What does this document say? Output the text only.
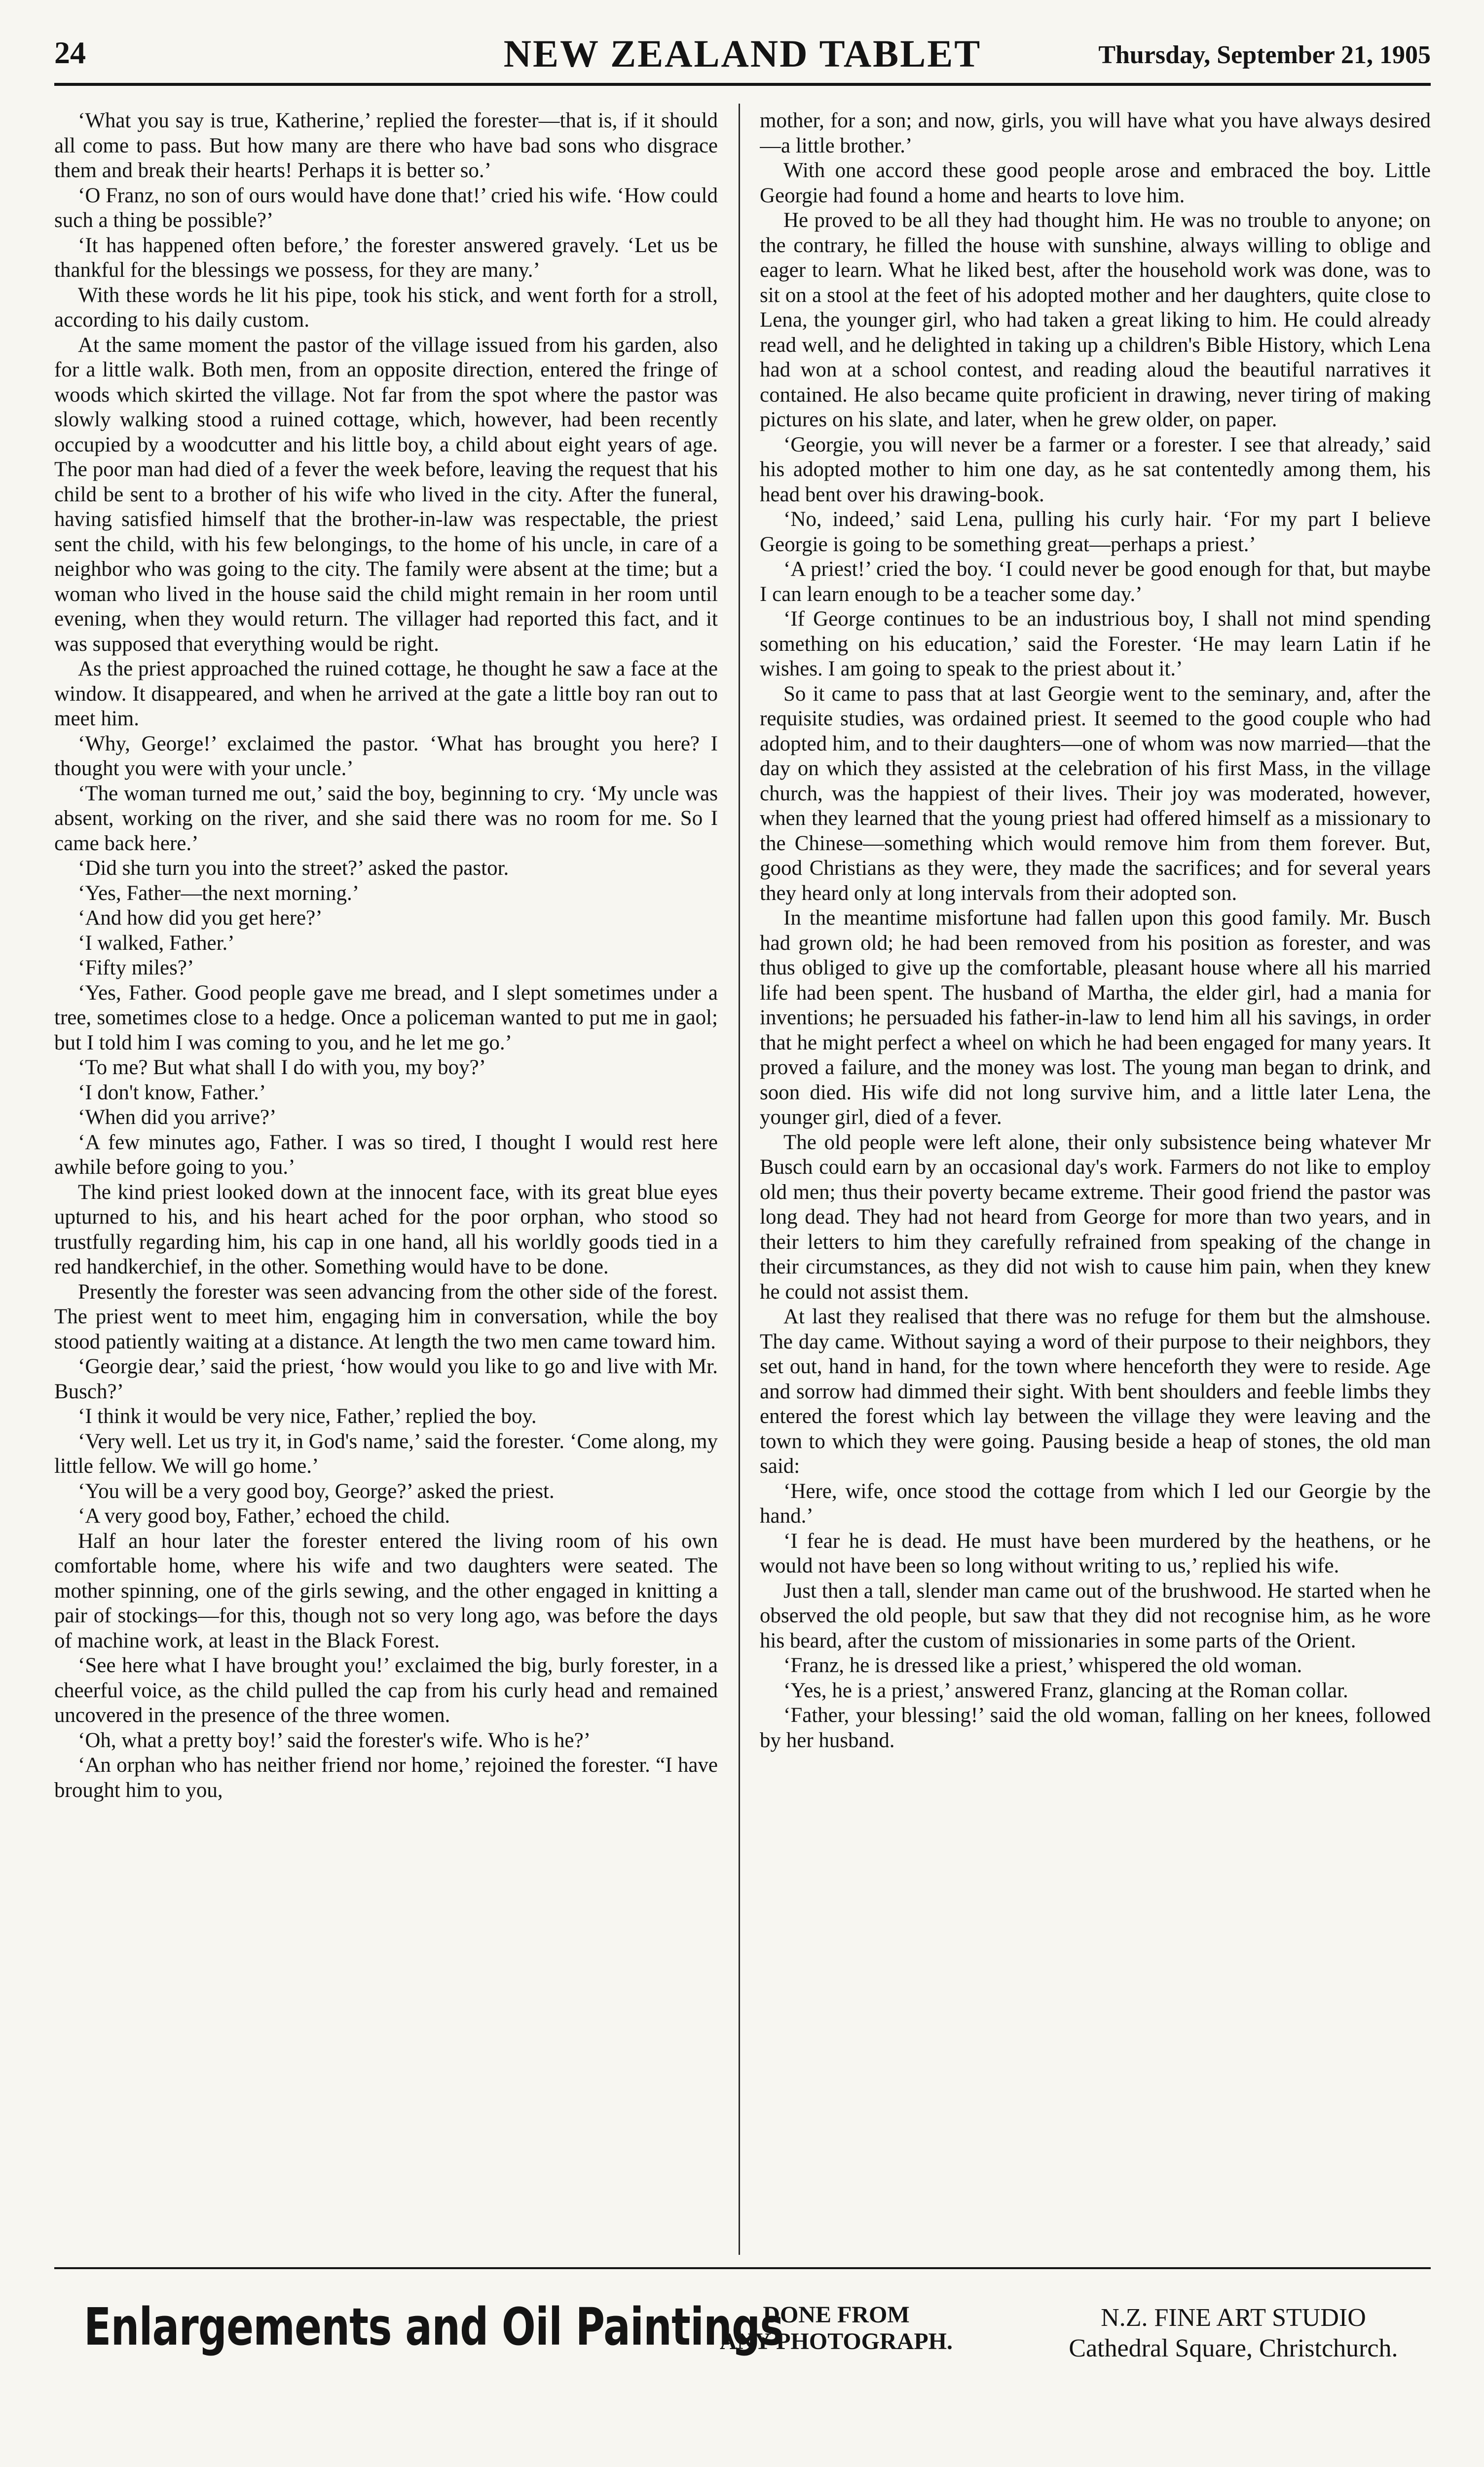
24	NEW ZEALAND TABLET	Thursday, September 21, 1905

‘What you say is true, Katherine,’ replied the forester—that is, if it should all come to pass. But how many are there who have bad sons who disgrace them and break their hearts! Perhaps it is better so.’

‘O Franz, no son of ours would have done that!’ cried his wife. ‘How could such a thing be possible?’

‘It has happened often before,’ the forester answered gravely. ‘Let us be thankful for the blessings we possess, for they are many.’

With these words he lit his pipe, took his stick, and went forth for a stroll, according to his daily custom.

At the same moment the pastor of the village issued from his garden, also for a little walk. Both men, from an opposite direction, entered the fringe of woods which skirted the village. Not far from the spot where the pastor was slowly walking stood a ruined cottage, which, however, had been recently occupied by a woodcutter and his little boy, a child about eight years of age. The poor man had died of a fever the week before, leaving the request that his child be sent to a brother of his wife who lived in the city. After the funeral, having satisfied himself that the brother-in-law was respectable, the priest sent the child, with his few belongings, to the home of his uncle, in care of a neighbor who was going to the city. The family were absent at the time; but a woman who lived in the house said the child might remain in her room until evening, when they would return. The villager had reported this fact, and it was supposed that everything would be right.

As the priest approached the ruined cottage, he thought he saw a face at the window. It disappeared, and when he arrived at the gate a little boy ran out to meet him.

‘Why, George!’ exclaimed the pastor. ‘What has brought you here? I thought you were with your uncle.’

‘The woman turned me out,’ said the boy, beginning to cry. ‘My uncle was absent, working on the river, and she said there was no room for me. So I came back here.’

‘Did she turn you into the street?’ asked the pastor.

‘Yes, Father—the next morning.’

‘And how did you get here?’

‘I walked, Father.’

‘Fifty miles?’

‘Yes, Father. Good people gave me bread, and I slept sometimes under a tree, sometimes close to a hedge. Once a policeman wanted to put me in gaol; but I told him I was coming to you, and he let me go.’

‘To me? But what shall I do with you, my boy?’

‘I don't know, Father.’

‘When did you arrive?’

‘A few minutes ago, Father. I was so tired, I thought I would rest here awhile before going to you.’

The kind priest looked down at the innocent face, with its great blue eyes upturned to his, and his heart ached for the poor orphan, who stood so trustfully regarding him, his cap in one hand, all his worldly goods tied in a red handkerchief, in the other. Something would have to be done.

Presently the forester was seen advancing from the other side of the forest. The priest went to meet him, engaging him in conversation, while the boy stood patiently waiting at a distance. At length the two men came toward him.

‘Georgie dear,’ said the priest, ‘how would you like to go and live with Mr. Busch?’

‘I think it would be very nice, Father,’ replied the boy.

‘Very well. Let us try it, in God's name,’ said the forester. ‘Come along, my little fellow. We will go home.’

‘You will be a very good boy, George?’ asked the priest.

‘A very good boy, Father,’ echoed the child.

Half an hour later the forester entered the living room of his own comfortable home, where his wife and two daughters were seated. The mother spinning, one of the girls sewing, and the other engaged in knitting a pair of stockings—for this, though not so very long ago, was before the days of machine work, at least in the Black Forest.

‘See here what I have brought you!’ exclaimed the big, burly forester, in a cheerful voice, as the child pulled the cap from his curly head and remained uncovered in the presence of the three women.

‘Oh, what a pretty boy!’ said the forester's wife. Who is he?’

‘An orphan who has neither friend nor home,’ rejoined the forester. “I have brought him to you,

mother, for a son; and now, girls, you will have what you have always desired—a little brother.’

With one accord these good people arose and embraced the boy. Little Georgie had found a home and hearts to love him.

He proved to be all they had thought him. He was no trouble to anyone; on the contrary, he filled the house with sunshine, always willing to oblige and eager to learn. What he liked best, after the household work was done, was to sit on a stool at the feet of his adopted mother and her daughters, quite close to Lena, the younger girl, who had taken a great liking to him. He could already read well, and he delighted in taking up a children's Bible History, which Lena had won at a school contest, and reading aloud the beautiful narratives it contained. He also became quite proficient in drawing, never tiring of making pictures on his slate, and later, when he grew older, on paper.

‘Georgie, you will never be a farmer or a forester. I see that already,’ said his adopted mother to him one day, as he sat contentedly among them, his head bent over his drawing-book.

‘No, indeed,’ said Lena, pulling his curly hair. ‘For my part I believe Georgie is going to be something great—perhaps a priest.’

‘A priest!’ cried the boy. ‘I could never be good enough for that, but maybe I can learn enough to be a teacher some day.’

‘If George continues to be an industrious boy, I shall not mind spending something on his education,’ said the Forester. ‘He may learn Latin if he wishes. I am going to speak to the priest about it.’

So it came to pass that at last Georgie went to the seminary, and, after the requisite studies, was ordained priest. It seemed to the good couple who had adopted him, and to their daughters—one of whom was now married—that the day on which they assisted at the celebration of his first Mass, in the village church, was the happiest of their lives. Their joy was moderated, however, when they learned that the young priest had offered himself as a missionary to the Chinese—something which would remove him from them forever. But, good Christians as they were, they made the sacrifices; and for several years they heard only at long intervals from their adopted son.

In the meantime misfortune had fallen upon this good family. Mr. Busch had grown old; he had been removed from his position as forester, and was thus obliged to give up the comfortable, pleasant house where all his married life had been spent. The husband of Martha, the elder girl, had a mania for inventions; he persuaded his father-in-law to lend him all his savings, in order that he might perfect a wheel on which he had been engaged for many years. It proved a failure, and the money was lost. The young man began to drink, and soon died. His wife did not long survive him, and a little later Lena, the younger girl, died of a fever.

The old people were left alone, their only subsistence being whatever Mr Busch could earn by an occasional day's work. Farmers do not like to employ old men; thus their poverty became extreme. Their good friend the pastor was long dead. They had not heard from George for more than two years, and in their letters to him they carefully refrained from speaking of the change in their circumstances, as they did not wish to cause him pain, when they knew he could not assist them.

At last they realised that there was no refuge for them but the almshouse. The day came. Without saying a word of their purpose to their neighbors, they set out, hand in hand, for the town where henceforth they were to reside. Age and sorrow had dimmed their sight. With bent shoulders and feeble limbs they entered the forest which lay between the village they were leaving and the town to which they were going. Pausing beside a heap of stones, the old man said:

‘Here, wife, once stood the cottage from which I led our Georgie by the hand.’

‘I fear he is dead. He must have been murdered by the heathens, or he would not have been so long without writing to us,’ replied his wife.

Just then a tall, slender man came out of the brushwood. He started when he observed the old people, but saw that they did not recognise him, as he wore his beard, after the custom of missionaries in some parts of the Orient.

‘Franz, he is dressed like a priest,’ whispered the old woman.

‘Yes, he is a priest,’ answered Franz, glancing at the Roman collar.

‘Father, your blessing!’ said the old woman, falling on her knees, followed by her husband.

Enlargements and Oil Paintings
DONE FROM
ANY PHOTOGRAPH.
N.Z. FINE ART STUDIO
Cathedral Square, Christchurch.
